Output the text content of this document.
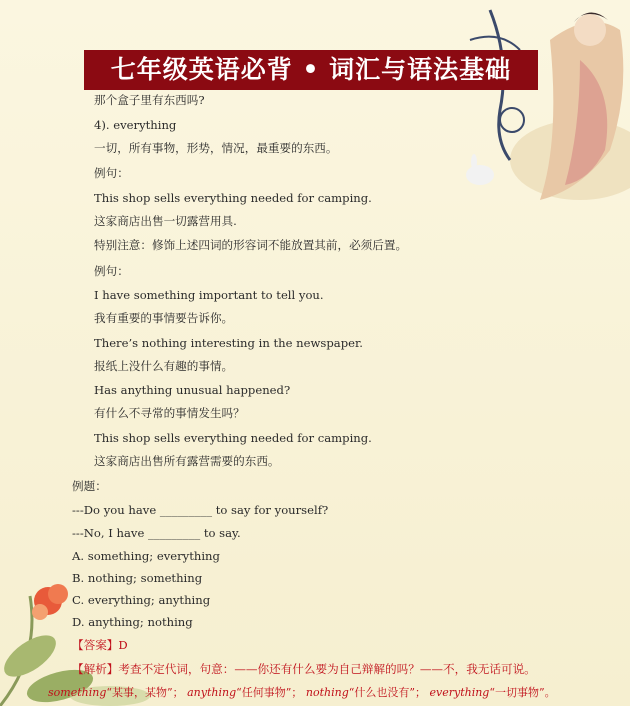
七年级英语必背 • 词汇与语法基础
那个盒子里有东西吗?
4). everything
一切，所有事物，形势，情况，最重要的东西。
例句：
This shop sells everything needed for camping.
这家商店出售一切露营用具.
特别注意：修饰上述四词的形容词不能放置其前，必须后置。
例句：
I have something important to tell you.
我有重要的事情要告诉你。
There’s nothing interesting in the newspaper.
报纸上没什么有趣的事情。
Has anything unusual happened?
有什么不寻常的事情发生吗？
This shop sells everything needed for camping.
这家商店出售所有露营需要的东西。
例题：
---Do you have _________ to say for yourself?
---No, I have _________ to say.
A. something; everything
B. nothing; something
C. everything; anything
D. anything; nothing
【答案】D
【解析】考查不定代词，句意：——你还有什么要为自己辩解的吗？——不，我无话可说。
something“某事，某物”； anything“任何事物”； nothing“什么也没有”； everything“一切事物”。
